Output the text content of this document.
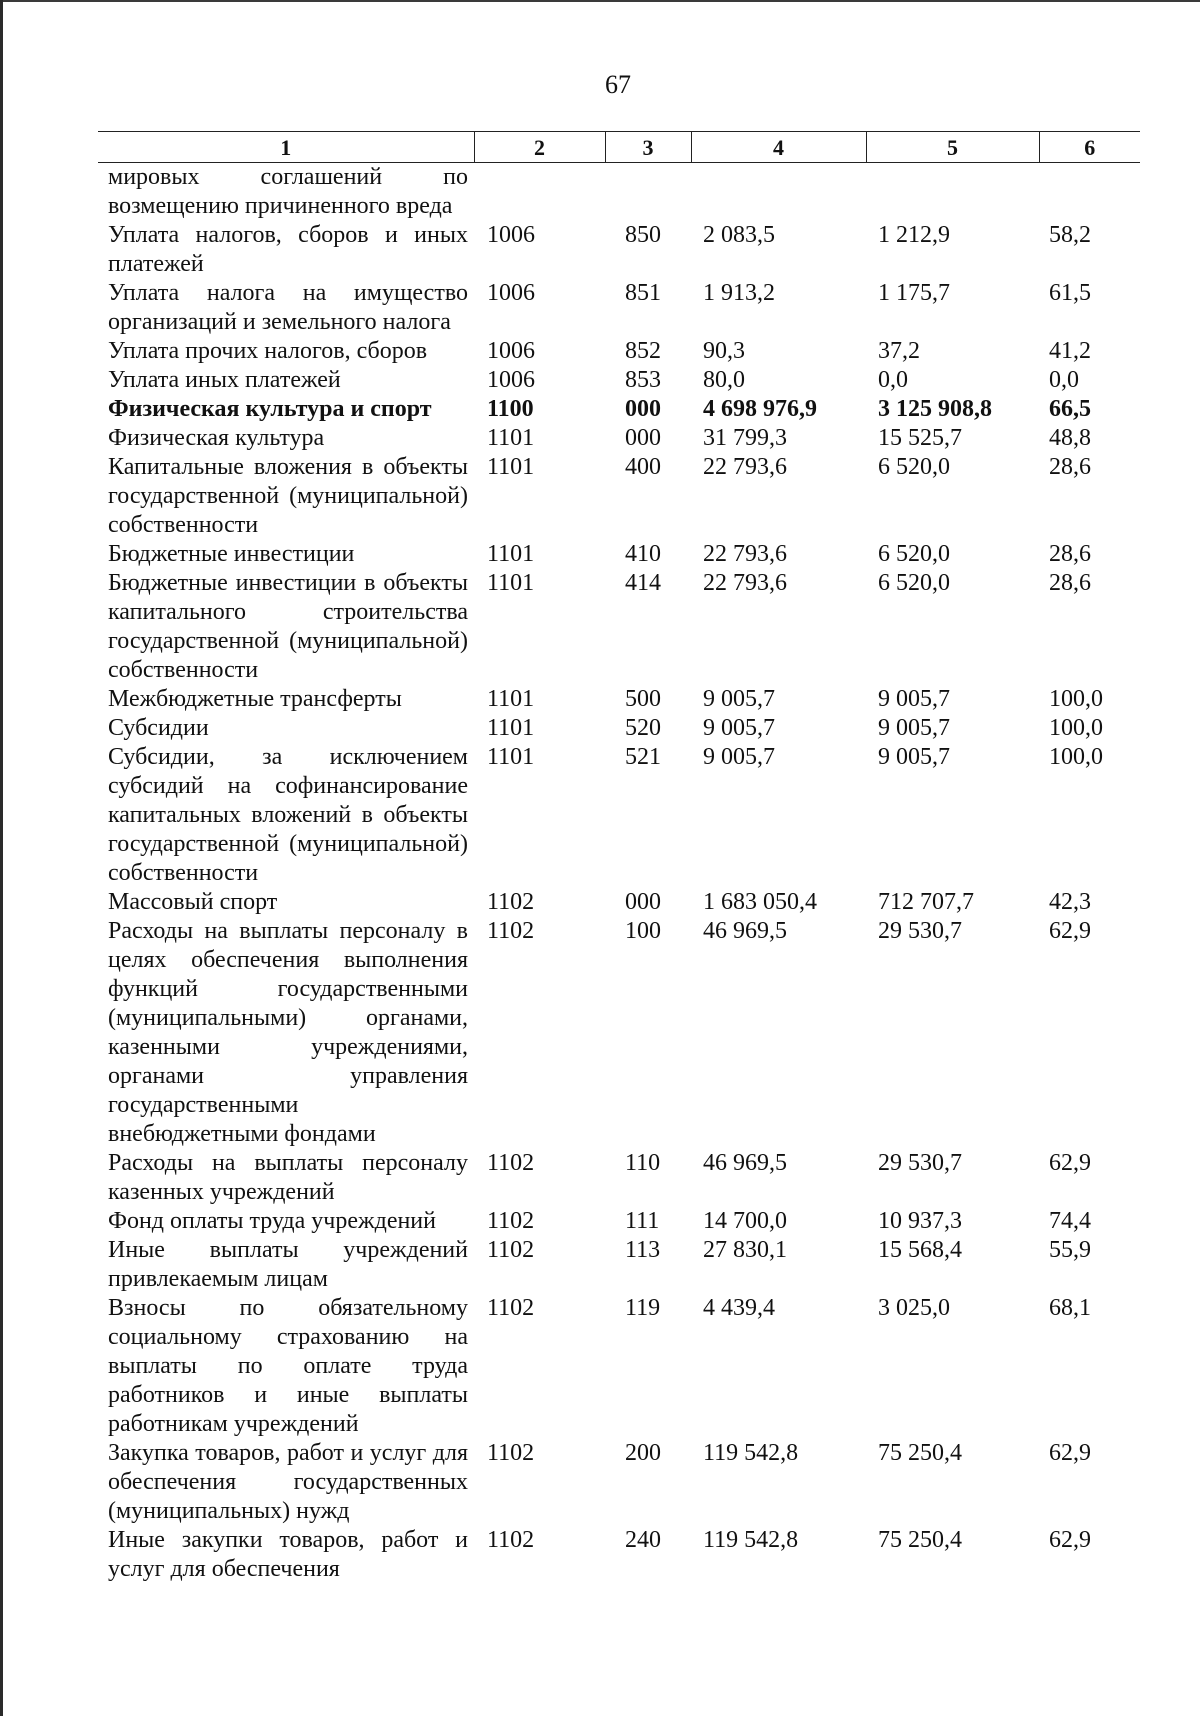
67
1	2	3	4	5	6
мировых соглашений по возмещению причиненного вреда					
Уплата налогов, сборов и иных платежей	1006	850	2 083,5	1 212,9	58,2
Уплата налога на имущество организаций и земельного налога	1006	851	1 913,2	1 175,7	61,5
Уплата прочих налогов, сборов	1006	852	90,3	37,2	41,2
Уплата иных платежей	1006	853	80,0	0,0	0,0
Физическая культура и спорт	1100	000	4 698 976,9	3 125 908,8	66,5
Физическая культура	1101	000	31 799,3	15 525,7	48,8
Капитальные вложения в объекты государственной (муниципальной) собственности	1101	400	22 793,6	6 520,0	28,6
Бюджетные инвестиции	1101	410	22 793,6	6 520,0	28,6
Бюджетные инвестиции в объекты капитального строительства государственной (муниципальной) собственности	1101	414	22 793,6	6 520,0	28,6
Межбюджетные трансферты	1101	500	9 005,7	9 005,7	100,0
Субсидии	1101	520	9 005,7	9 005,7	100,0
Субсидии, за исключением субсидий на софинансирование капитальных вложений в объекты государственной (муниципальной) собственности	1101	521	9 005,7	9 005,7	100,0
Массовый спорт	1102	000	1 683 050,4	712 707,7	42,3
Расходы на выплаты персоналу в целях обеспечения выполнения функций государственными (муниципальными) органами, казенными учреждениями, органами управления государственными внебюджетными фондами	1102	100	46 969,5	29 530,7	62,9
Расходы на выплаты персоналу казенных учреждений	1102	110	46 969,5	29 530,7	62,9
Фонд оплаты труда учреждений	1102	111	14 700,0	10 937,3	74,4
Иные выплаты учреждений привлекаемым лицам	1102	113	27 830,1	15 568,4	55,9
Взносы по обязательному социальному страхованию на выплаты по оплате труда работников и иные выплаты работникам учреждений	1102	119	4 439,4	3 025,0	68,1
Закупка товаров, работ и услуг для обеспечения государственных (муниципальных) нужд	1102	200	119 542,8	75 250,4	62,9
Иные закупки товаров, работ и услуг для обеспечения	1102	240	119 542,8	75 250,4	62,9
